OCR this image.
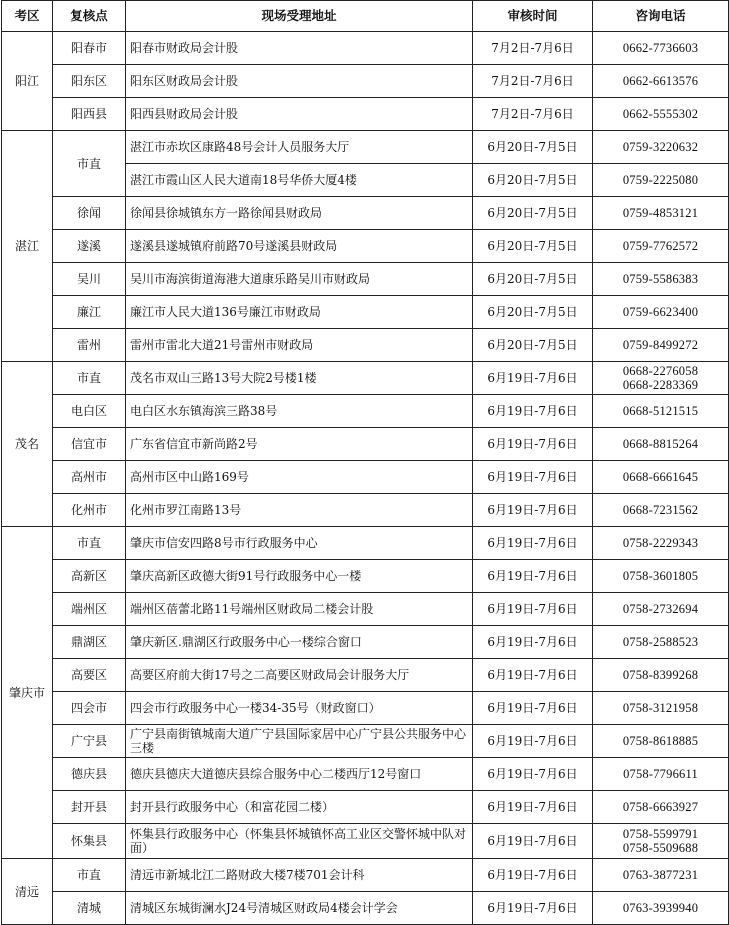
考区	复核点	现场受理地址	审核时间	咨询电话
阳江	阳春市	阳春市财政局会计股	7月2日-7月6日	0662-7736603

	阳东区	阳东区财政局会计股	7月2日-7月6日	0662-6613576

	阳西县	阳西县财政局会计股	7月2日-7月6日	0662-5555302

湛江	市直	湛江市赤坎区康路48号会计人员服务大厅	6月20日-7月5日	0759-3220632

		湛江市霞山区人民大道南18号华侨大厦4楼	6月20日-7月5日	0759-2225080

	徐闻	徐闻县徐城镇东方一路徐闻县财政局	6月20日-7月5日	0759-4853121

	遂溪	遂溪县遂城镇府前路70号遂溪县财政局	6月20日-7月5日	0759-7762572

	吴川	吴川市海滨街道海港大道康乐路吴川市财政局	6月20日-7月5日	0759-5586383

	廉江	廉江市人民大道136号廉江市财政局	6月20日-7月5日	0759-6623400

	雷州	雷州市雷北大道21号雷州市财政局	6月20日-7月5日	0759-8499272

茂名	市直	茂名市双山三路13号大院2号楼1楼	6月19日-7月6日	0668-2276058
0668-2283369

	电白区	电白区水东镇海滨三路38号	6月19日-7月6日	0668-5121515

	信宜市	广东省信宜市新尚路2号	6月19日-7月6日	0668-8815264

	高州市	高州市区中山路169号	6月19日-7月6日	0668-6661645

	化州市	化州市罗江南路13号	6月19日-7月6日	0668-7231562

肇庆市	市直	肇庆市信安四路8号市行政服务中心	6月19日-7月6日	0758-2229343

	高新区	肇庆高新区政德大街91号行政服务中心一楼	6月19日-7月6日	0758-3601805

	端州区	端州区蓓蕾北路11号端州区财政局二楼会计股	6月19日-7月6日	0758-2732694

	鼎湖区	肇庆新区.鼎湖区行政服务中心一楼综合窗口	6月19日-7月6日	0758-2588523

	高要区	高要区府前大街17号之二高要区财政局会计服务大厅	6月19日-7月6日	0758-8399268

	四会市	四会市行政服务中心一楼34-35号（财政窗口）	6月19日-7月6日	0758-3121958

	广宁县	广宁县南街镇城南大道广宁县国际家居中心广宁县公共服务中心三楼	6月19日-7月6日	0758-8618885

	德庆县	德庆县德庆大道德庆县综合服务中心二楼西厅12号窗口	6月19日-7月6日	0758-7796611

	封开县	封开县行政服务中心（和富花园二楼）	6月19日-7月6日	0758-6663927

	怀集县	怀集县行政服务中心（怀集县怀城镇怀高工业区交警怀城中队对面）	6月19日-7月6日	0758-5599791
0758-5509688

清远	市直	清远市新城北江二路财政大楼7楼701会计科	6月19日-7月6日	0763-3877231

	清城	清城区东城街澜水J24号清城区财政局4楼会计学会	6月19日-7月6日	0763-3939940
